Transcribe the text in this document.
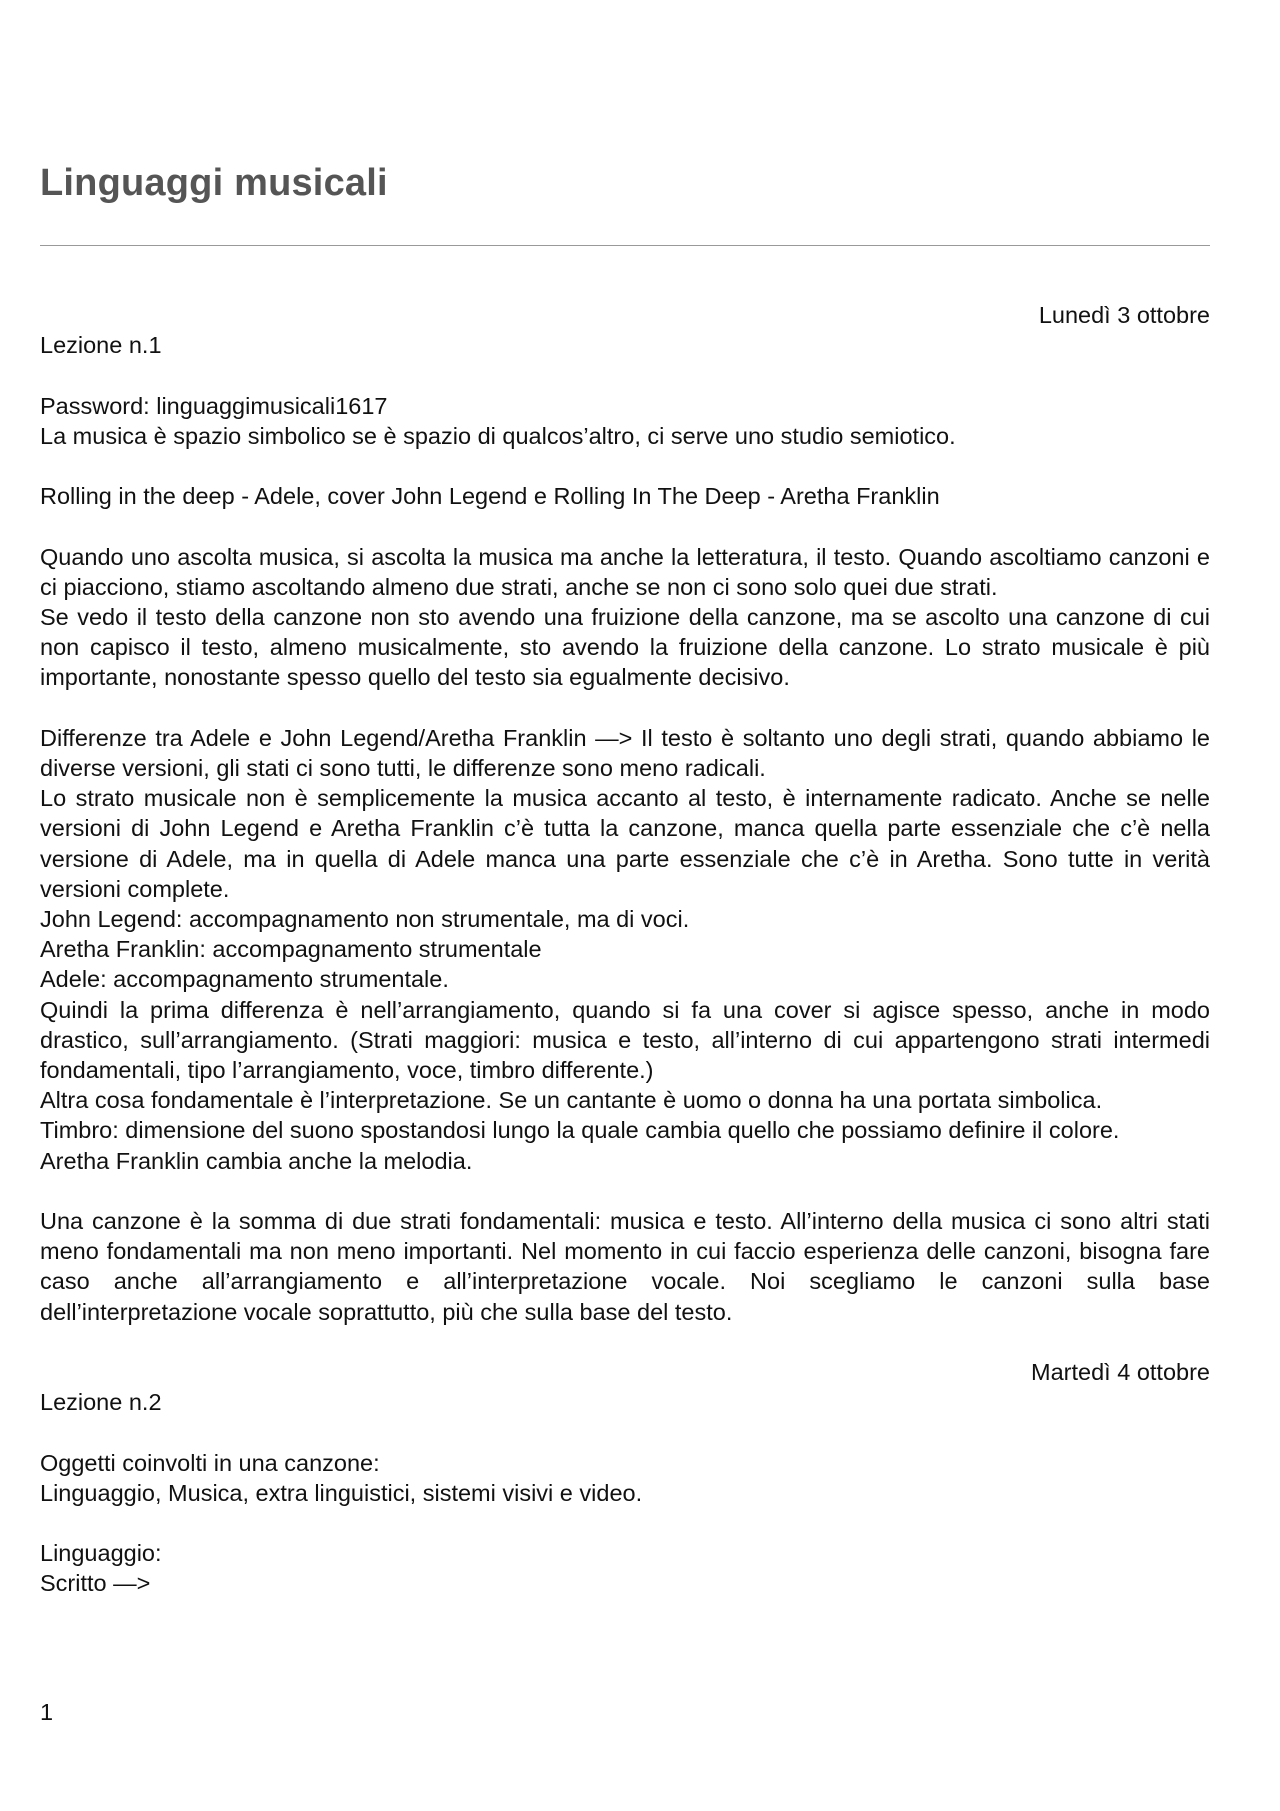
Linguaggi musicali

Lunedì 3 ottobre

Lezione n.1

Password: linguaggimusicali1617

La musica è spazio simbolico se è spazio di qualcos’altro, ci serve uno studio semiotico.

Rolling in the deep - Adele, cover John Legend e Rolling In The Deep - Aretha Franklin

Quando uno ascolta musica, si ascolta la musica ma anche la letteratura, il testo. Quando ascoltiamo canzoni e ci piacciono, stiamo ascoltando almeno due strati, anche se non ci sono solo quei due strati.

Se vedo il testo della canzone non sto avendo una fruizione della canzone, ma se ascolto una canzone di cui non capisco il testo, almeno musicalmente, sto avendo la fruizione della canzone. Lo strato musicale è più importante, nonostante spesso quello del testo sia egualmente decisivo.

Differenze tra Adele e John Legend/Aretha Franklin —> Il testo è soltanto uno degli strati, quando abbiamo le diverse versioni, gli stati ci sono tutti, le differenze sono meno radicali.

Lo strato musicale non è semplicemente la musica accanto al testo, è internamente radicato. Anche se nelle versioni di John Legend e Aretha Franklin c’è tutta la canzone, manca quella parte essenziale che c’è nella versione di Adele, ma in quella di Adele manca una parte essenziale che c’è in Aretha. Sono tutte in verità versioni complete.

John Legend: accompagnamento non strumentale, ma di voci.

Aretha Franklin: accompagnamento strumentale

Adele: accompagnamento strumentale.

Quindi la prima differenza è nell’arrangiamento, quando si fa una cover si agisce spesso, anche in modo drastico, sull’arrangiamento. (Strati maggiori: musica e testo, all’interno di cui appartengono strati intermedi fondamentali, tipo l’arrangiamento, voce, timbro differente.)

Altra cosa fondamentale è l’interpretazione. Se un cantante è uomo o donna ha una portata simbolica.

Timbro: dimensione del suono spostandosi lungo la quale cambia quello che possiamo definire il colore.

Aretha Franklin cambia anche la melodia.

Una canzone è la somma di due strati fondamentali: musica e testo. All’interno della musica ci sono altri stati meno fondamentali ma non meno importanti. Nel momento in cui faccio esperienza delle canzoni, bisogna fare caso anche all’arrangiamento e all’interpretazione vocale. Noi scegliamo le canzoni sulla base dell’interpretazione vocale soprattutto, più che sulla base del testo.

Martedì 4 ottobre

Lezione n.2

Oggetti coinvolti in una canzone:

Linguaggio, Musica, extra linguistici, sistemi visivi e video.

Linguaggio:

Scritto —>

1
